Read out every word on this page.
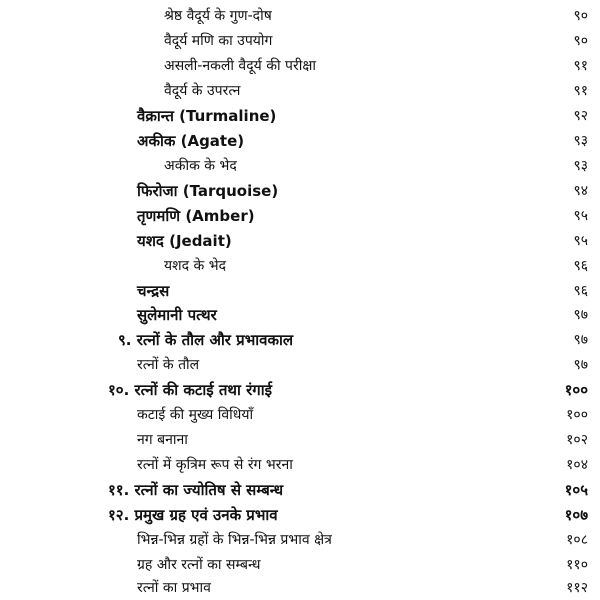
श्रेष्ठ वैदूर्य के गुण-दोष	९०
वैदूर्य मणि का उपयोग	९०
असली-नकली वैदूर्य की परीक्षा	९१
वैदूर्य के उपरत्न	९१
वैक्रान्त (Turmaline)	९२
अकीक (Agate)	९३
अकीक के भेद	९३
फिरोजा (Tarquoise)	९४
तृणमणि (Amber)	९५
यशद (Jedait)	९५
यशद के भेद	९६
चन्द्रस	९६
सुलेमानी पत्थर	९७
९. रत्नों के तौल और प्रभावकाल	९७
रत्नों के तौल	९७
१०. रत्नों की कटाई तथा रंगाई	१००
कटाई की मुख्य विधियाँ	१००
नग बनाना	१०२
रत्नों में कृत्रिम रूप से रंग भरना	१०४
११. रत्नों का ज्योतिष से सम्बन्ध	१०५
१२. प्रमुख ग्रह एवं उनके प्रभाव	१०७
भिन्न-भिन्न ग्रहों के भिन्न-भिन्न प्रभाव क्षेत्र	१०८
ग्रह और रत्नों का सम्बन्ध	११०
रत्नों का प्रभाव	११२
